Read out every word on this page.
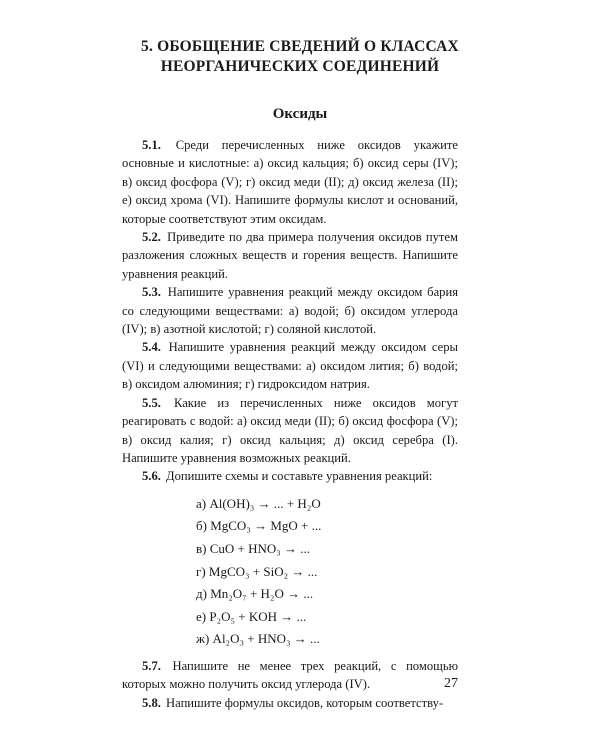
5. ОБОБЩЕНИЕ СВЕДЕНИЙ О КЛАССАХ
НЕОРГАНИЧЕСКИХ СОЕДИНЕНИЙ
Оксиды

5.1. Среди перечисленных ниже оксидов укажите основные и кислотные: а) оксид кальция; б) оксид серы (IV); в) оксид фосфора (V); г) оксид меди (II); д) оксид железа (II); е) оксид хрома (VI). Напишите формулы кислот и оснований, которые соответствуют этим оксидам.

5.2. Приведите по два примера получения оксидов путем разложения сложных веществ и горения веществ. Напишите уравнения реакций.

5.3. Напишите уравнения реакций между оксидом бария со следующими веществами: а) водой; б) оксидом углерода (IV); в) азотной кислотой; г) соляной кислотой.

5.4. Напишите уравнения реакций между оксидом серы (VI) и следующими веществами: а) оксидом лития; б) водой; в) оксидом алюминия; г) гидроксидом натрия.

5.5. Какие из перечисленных ниже оксидов могут реагировать с водой: а) оксид меди (II); б) оксид фосфора (V); в) оксид калия; г) оксид кальция; д) оксид серебра (I). Напишите уравнения возможных реакций.

5.6. Допишите схемы и составьте уравнения реакций:

а) Al(OH)₃ → ... + H₂O
б) MgCO₃ → MgO + ...
в) CuO + HNO₃ → ...
г) MgCO₃ + SiO₂ → ...
д) Mn₂O₇ + H₂O → ...
е) P₂O₅ + KOH → ...
ж) Al₂O₃ + HNO₃ → ...

5.7. Напишите не менее трех реакций, с помощью которых можно получить оксид углерода (IV).

5.8. Напишите формулы оксидов, которым соответству-

27
